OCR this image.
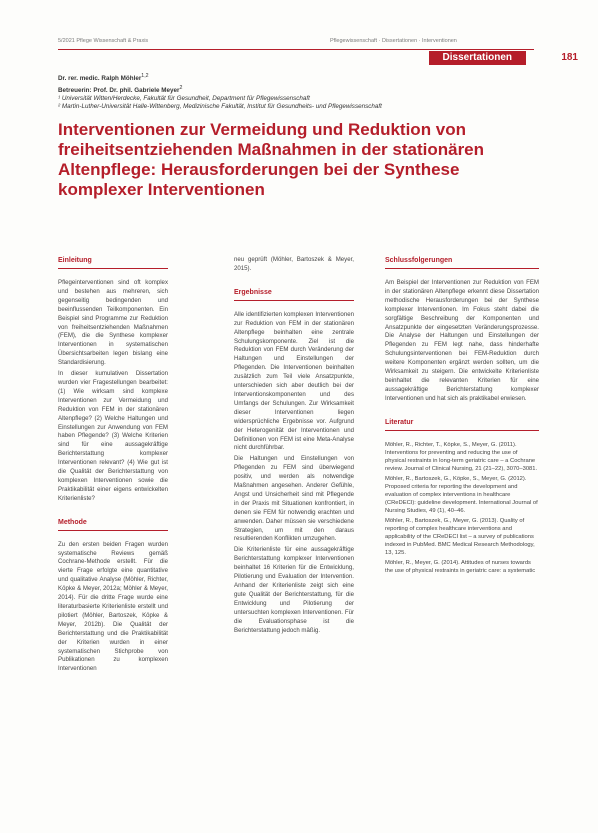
5/2021 Pflege Wissenschaft & Praxis	Pflegewissenschaft · Dissertationen · Interventionen
Dissertationen	181
Dr. rer. medic. Ralph Möhler$^{1,2}$
Betreuerin: Prof. Dr. phil. Gabriele Meyer$^2$
¹ Universität Witten/Herdecke, Fakultät für Gesundheit, Department für Pflegewissenschaft
² Martin-Luther-Universität Halle-Wittenberg, Medizinische Fakultät, Institut für Gesundheits- und Pflegewissenschaft
Interventionen zur Vermeidung und Reduktion von freiheitsentziehenden Maßnahmen in der stationären Altenpflege: Herausforderungen bei der Synthese komplexer Interventionen
Einleitung

Pflegeinterventionen sind oft komplex und bestehen aus mehreren, sich gegenseitig bedingenden und beeinflussenden Teilkomponenten. Ein Beispiel sind Programme zur Reduktion von freiheitsentziehenden Maßnahmen (FEM), die die Synthese komplexer Interventionen in systematischen Übersichtsarbeiten legen bislang eine Standardisierung.

In dieser kumulativen Dissertation wurden vier Fragestellungen bearbeitet: (1) Wie wirksam sind komplexe Interventionen zur Vermeidung und Reduktion von FEM in der stationären Altenpflege? (2) Welche Haltungen und Einstellungen zur Anwendung von FEM haben Pflegende? (3) Welche Kriterien sind für eine aussagekräftige Berichterstattung komplexer Interventionen relevant? (4) Wie gut ist die Qualität der Berichterstattung von komplexen Interventionen sowie die Praktikabilität einer eigens entwickelten Kriterienliste?

Methode

Zu den ersten beiden Fragen wurden systematische Reviews gemäß Cochrane-Methode erstellt. Für die vierte Frage erfolgte eine quantitative und qualitative Analyse (Möhler, Richter, Köpke & Meyer, 2012a; Möhler & Meyer, 2014). Für die dritte Frage wurde eine literaturbasierte Kriterienliste erstellt und pilotiert (Möhler, Bartoszek, Köpke & Meyer, 2012b). Die Qualität der Berichterstattung und die Praktikabilität der Kriterien wurden in einer systematischen Stichprobe von Publikationen zu komplexen Interventionen

neu geprüft (Möhler, Bartoszek & Meyer, 2015).

Ergebnisse

Alle identifizierten komplexen Interventionen zur Reduktion von FEM in der stationären Altenpflege beinhalten eine zentrale Schulungskomponente. Ziel ist die Reduktion von FEM durch Veränderung der Haltungen und Einstellungen der Pflegenden. Die Interventionen beinhalten zusätzlich zum Teil viele Ansatzpunkte, unterschieden sich aber deutlich bei der Interventionskomponenten und des Umfangs der Schulungen. Zur Wirksamkeit dieser Interventionen liegen widersprüchliche Ergebnisse vor. Aufgrund der Heterogenität der Interventionen und Definitionen von FEM ist eine Meta-Analyse nicht durchführbar.

Die Haltungen und Einstellungen von Pflegenden zu FEM sind überwiegend positiv, und werden als notwendige Maßnahmen angesehen. Anderer Gefühle, Angst und Unsicherheit sind mit Pflegende in der Praxis mit Situationen konfrontiert, in denen sie FEM für notwendig erachten und anwenden. Daher müssen sie verschiedene Strategien, um mit den daraus resultierenden Konflikten umzugehen.

Die Kriterienliste für eine aussagekräftige Berichterstattung komplexer Interventionen beinhaltet 16 Kriterien für die Entwicklung, Pilotierung und Evaluation der Intervention. Anhand der Kriterienliste zeigt sich eine gute Qualität der Berichterstattung, für die Entwicklung und Pilotierung der untersuchten komplexen Interventionen. Für die Evaluationsphase ist die Berichterstattung jedoch mäßig.

Schlussfolgerungen

Am Beispiel der Interventionen zur Reduktion von FEM in der stationären Altenpflege erkennt diese Dissertation methodische Herausforderungen bei der Synthese komplexer Interventionen. Im Fokus steht dabei die sorgfältige Beschreibung der Komponenten und Ansatzpunkte der eingesetzten Veränderungsprozesse. Die Analyse der Haltungen und Einstellungen der Pflegenden zu FEM legt nahe, dass hinderhafte Schulungsinterventionen bei FEM-Reduktion durch weitere Komponenten ergänzt werden sollten, um die Wirksamkeit zu steigern. Die entwickelte Kriterienliste beinhaltet die relevanten Kriterien für eine aussagekräftige Berichterstattung komplexer Interventionen und hat sich als praktikabel erwiesen.

Literatur

Möhler, R., Richter, T., Köpke, S., Meyer, G. (2011). Interventions for preventing and reducing the use of physical restraints in long-term geriatric care – a Cochrane review. Journal of Clinical Nursing, 21 (21–22), 3070–3081.

Möhler, R., Bartoszek, G., Köpke, S., Meyer, G. (2012). Proposed criteria for reporting the development and evaluation of complex interventions in healthcare (CReDECI): guideline development. International Journal of Nursing Studies, 49 (1), 40–46.

Möhler, R., Bartoszek, G., Meyer, G. (2013). Quality of reporting of complex healthcare interventions and applicability of the CReDECI list – a survey of publications indexed in PubMed. BMC Medical Research Methodology, 13, 125.

Möhler, R., Meyer, G. (2014). Attitudes of nurses towards the use of physical restraints in geriatric care: a systematic
